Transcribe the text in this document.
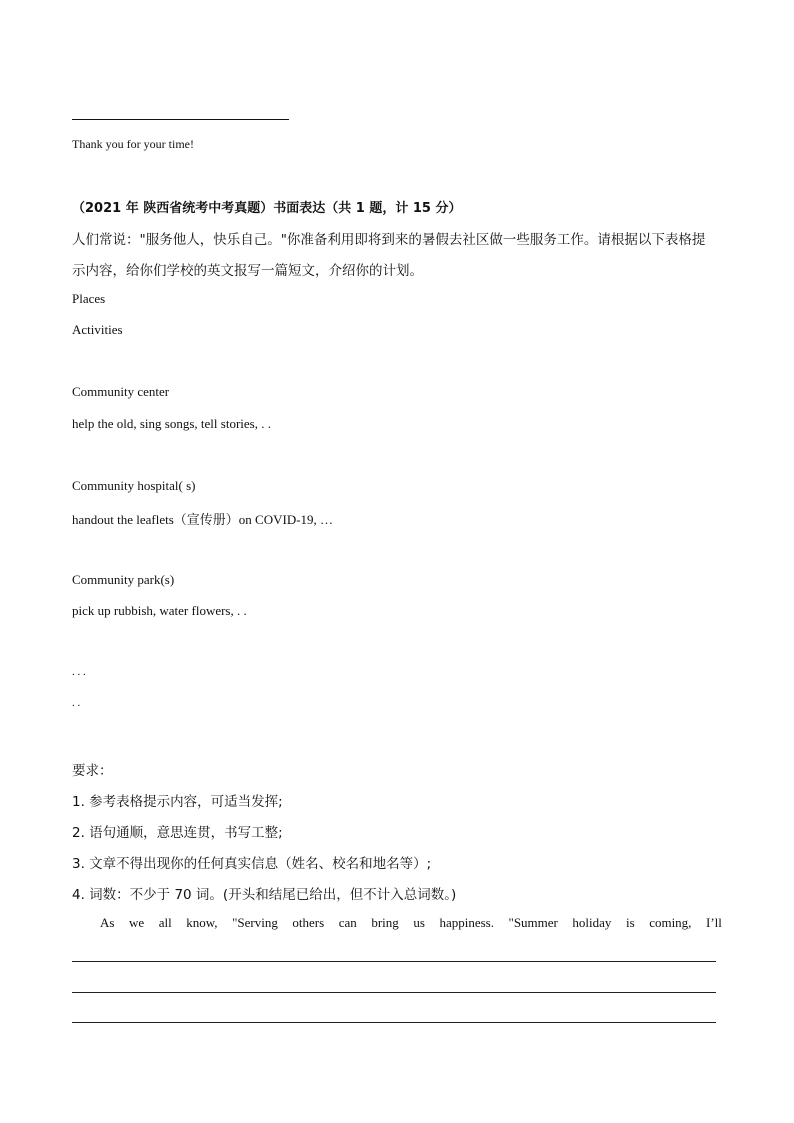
Thank you for your time!
（2021 年 陕西省统考中考真题）书面表达（共 1 题，计 15 分）
人们常说："服务他人，快乐自己。"你准备利用即将到来的暑假去社区做一些服务工作。请根据以下表格提
示内容，给你们学校的英文报写一篇短文，介绍你的计划。
Places
Activities
Community center
help the old, sing songs, tell stories, . .
Community hospital( s)
handout the leaflets（宣传册）on COVID-19, …
Community park(s)
pick up rubbish, water flowers, . .
. . .
. .
要求：
1. 参考表格提示内容，可适当发挥;
2. 语句通顺，意思连贯，书写工整;
3. 文章不得出现你的任何真实信息（姓名、校名和地名等）;
4. 词数：不少于 70 词。(开头和结尾已给出，但不计入总词数。)
As we all know, "Serving others can bring us happiness. "Summer holiday is coming, I’ll
